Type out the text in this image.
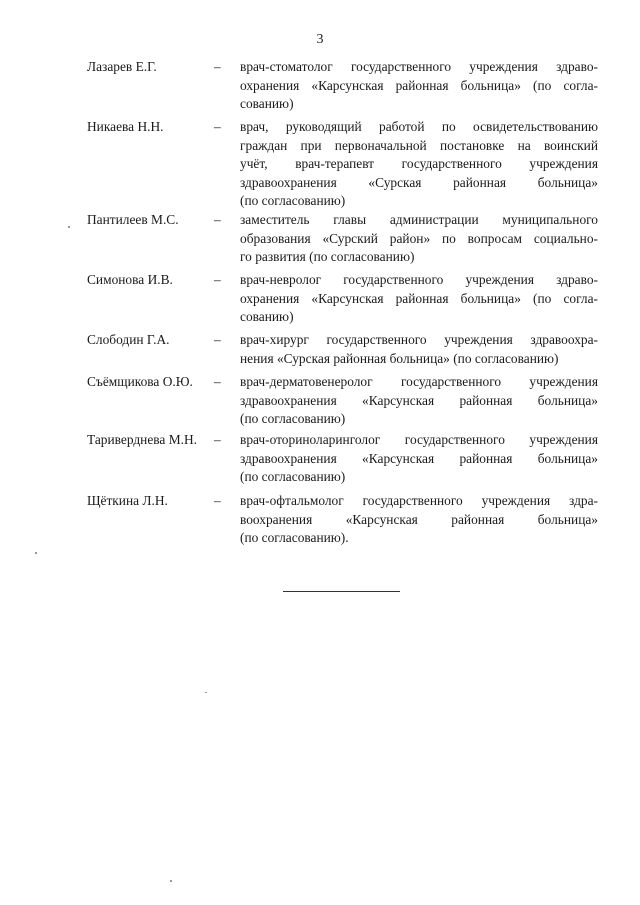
3
Лазарев Е.Г.	– врач-стоматолог государственного учреждения здраво-
охранения «Карсунская районная больница» (по согла-
сованию)
Никаева Н.Н.	– врач, руководящий работой по освидетельствованию
граждан при первоначальной постановке на воинский
учёт, врач-терапевт государственного учреждения
здравоохранения «Сурская районная больница»
(по согласованию)
Пантилеев М.С.	– заместитель главы администрации муниципального
образования «Сурский район» по вопросам социально-
го развития (по согласованию)
Симонова И.В.	– врач-невролог государственного учреждения здраво-
охранения «Карсунская районная больница» (по согла-
сованию)
Слободин Г.А.	– врач-хирург государственного учреждения здравоохра-
нения «Сурская районная больница» (по согласованию)
Съёмщикова О.Ю. – врач-дерматовенеролог государственного учреждения
здравоохранения «Карсунская районная больница»
(по согласованию)
Тариверднева М.Н. – врач-оториноларинголог государственного учреждения
здравоохранения «Карсунская районная больница»
(по согласованию)
Щёткина Л.Н.	– врач-офтальмолог государственного учреждения здра-
воохранения «Карсунская районная больница»
(по согласованию).
